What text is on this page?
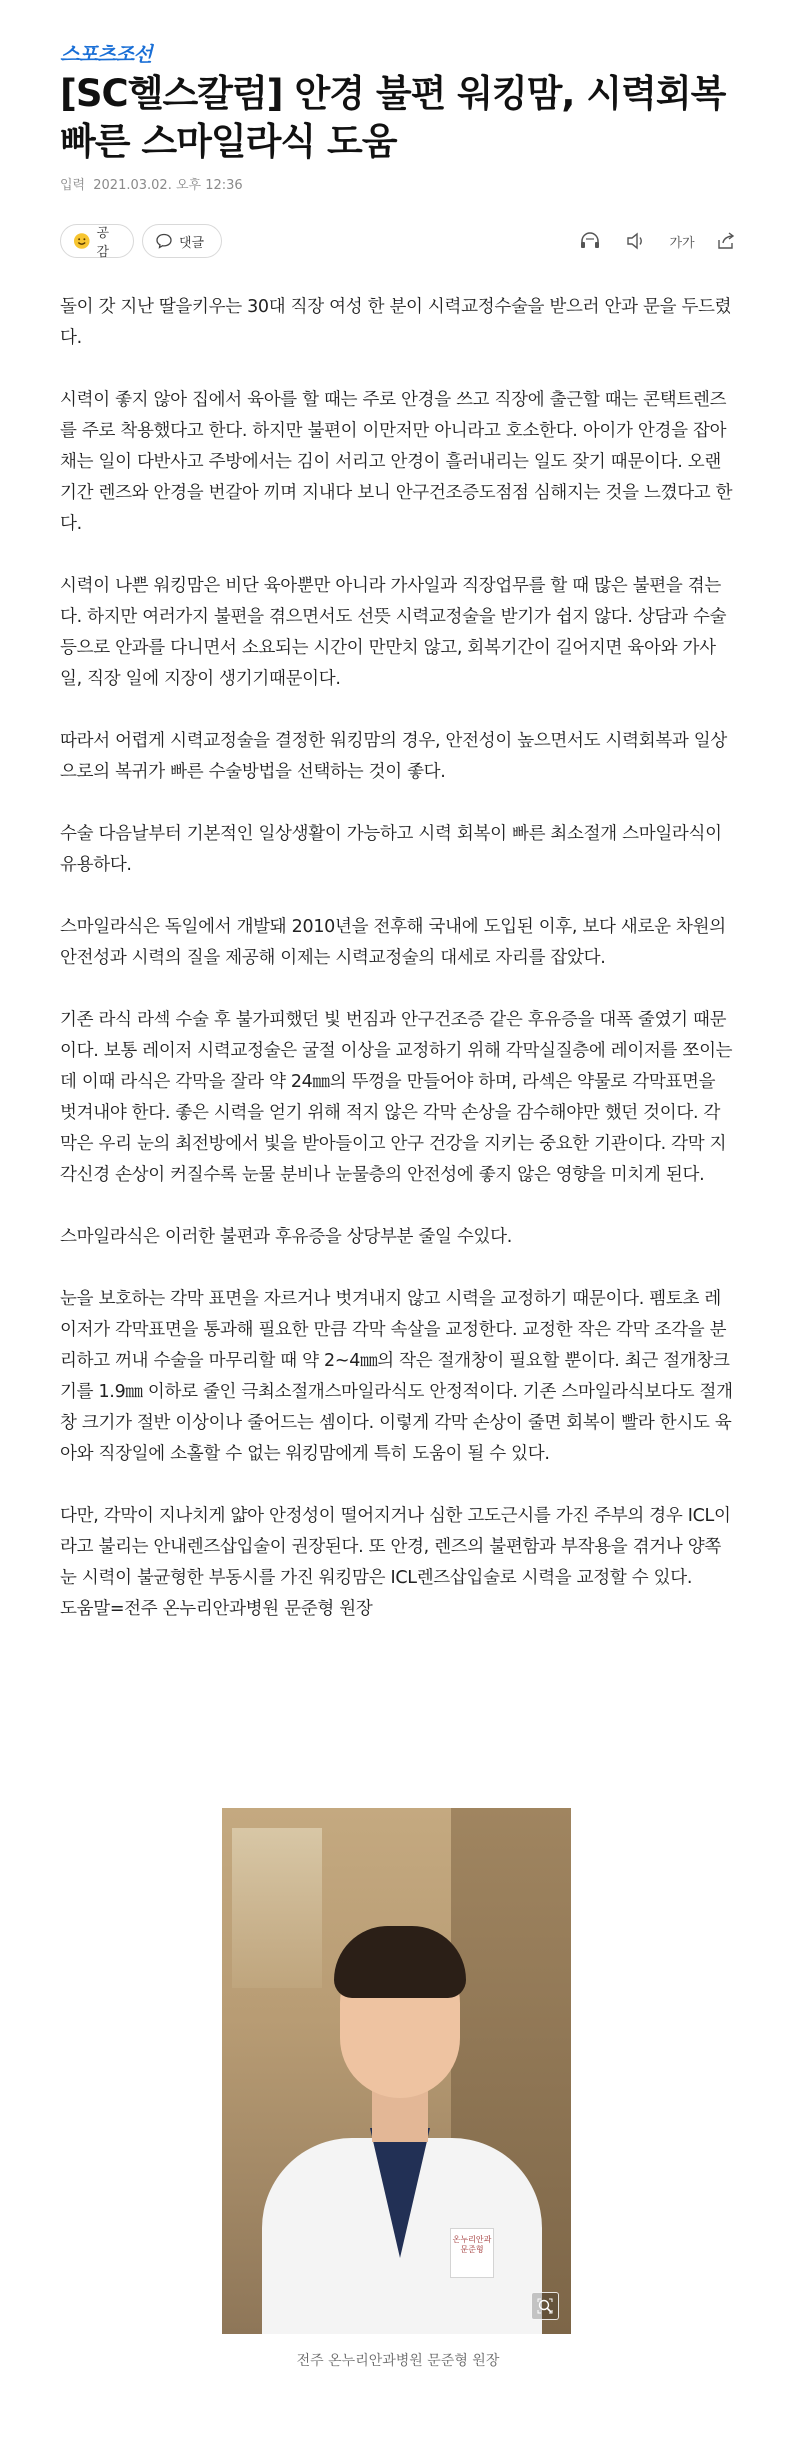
스포츠조선
[SC헬스칼럼] 안경 불편 워킹맘, 시력회복 빠른 스마일라식 도움
입력 2021.03.02. 오후 12:36
공감
댓글	가가

돌이 갓 지난 딸을키우는 30대 직장 여성 한 분이 시력교정수술을 받으러 안과 문을 두드렸다.

시력이 좋지 않아 집에서 육아를 할 때는 주로 안경을 쓰고 직장에 출근할 때는 콘택트렌즈를 주로 착용했다고 한다. 하지만 불편이 이만저만 아니라고 호소한다. 아이가 안경을 잡아채는 일이 다반사고 주방에서는 김이 서리고 안경이 흘러내리는 일도 잦기 때문이다. 오랜 기간 렌즈와 안경을 번갈아 끼며 지내다 보니 안구건조증도점점 심해지는 것을 느꼈다고 한다.

시력이 나쁜 워킹맘은 비단 육아뿐만 아니라 가사일과 직장업무를 할 때 많은 불편을 겪는다. 하지만 여러가지 불편을 겪으면서도 선뜻 시력교정술을 받기가 쉽지 않다. 상담과 수술 등으로 안과를 다니면서 소요되는 시간이 만만치 않고, 회복기간이 길어지면 육아와 가사일, 직장 일에 지장이 생기기때문이다.

따라서 어렵게 시력교정술을 결정한 워킹맘의 경우, 안전성이 높으면서도 시력회복과 일상으로의 복귀가 빠른 수술방법을 선택하는 것이 좋다.

수술 다음날부터 기본적인 일상생활이 가능하고 시력 회복이 빠른 최소절개 스마일라식이 유용하다.

스마일라식은 독일에서 개발돼 2010년을 전후해 국내에 도입된 이후, 보다 새로운 차원의 안전성과 시력의 질을 제공해 이제는 시력교정술의 대세로 자리를 잡았다.

기존 라식 라섹 수술 후 불가피했던 빛 번짐과 안구건조증 같은 후유증을 대폭 줄였기 때문이다. 보통 레이저 시력교정술은 굴절 이상을 교정하기 위해 각막실질층에 레이저를 쪼이는데 이때 라식은 각막을 잘라 약 24㎜의 뚜껑을 만들어야 하며, 라섹은 약물로 각막표면을 벗겨내야 한다. 좋은 시력을 얻기 위해 적지 않은 각막 손상을 감수해야만 했던 것이다. 각막은 우리 눈의 최전방에서 빛을 받아들이고 안구 건강을 지키는 중요한 기관이다. 각막 지각신경 손상이 커질수록 눈물 분비나 눈물층의 안전성에 좋지 않은 영향을 미치게 된다.

스마일라식은 이러한 불편과 후유증을 상당부분 줄일 수있다.

눈을 보호하는 각막 표면을 자르거나 벗겨내지 않고 시력을 교정하기 때문이다. 펨토초 레이저가 각막표면을 통과해 필요한 만큼 각막 속살을 교정한다. 교정한 작은 각막 조각을 분리하고 꺼내 수술을 마무리할 때 약 2~4㎜의 작은 절개창이 필요할 뿐이다. 최근 절개창크기를 1.9㎜ 이하로 줄인 극최소절개스마일라식도 안정적이다. 기존 스마일라식보다도 절개창 크기가 절반 이상이나 줄어드는 셈이다. 이렇게 각막 손상이 줄면 회복이 빨라 한시도 육아와 직장일에 소홀할 수 없는 워킹맘에게 특히 도움이 될 수 있다.

다만, 각막이 지나치게 얇아 안정성이 떨어지거나 심한 고도근시를 가진 주부의 경우 ICL이라고 불리는 안내렌즈삽입술이 권장된다. 또 안경, 렌즈의 불편함과 부작용을 겪거나 양쪽 눈 시력이 불균형한 부동시를 가진 워킹맘은 ICL렌즈삽입술로 시력을 교정할 수 있다.

도움말=전주 온누리안과병원 문준형 원장

온누리안과 문준형
전주 온누리안과병원 문준형 원장
